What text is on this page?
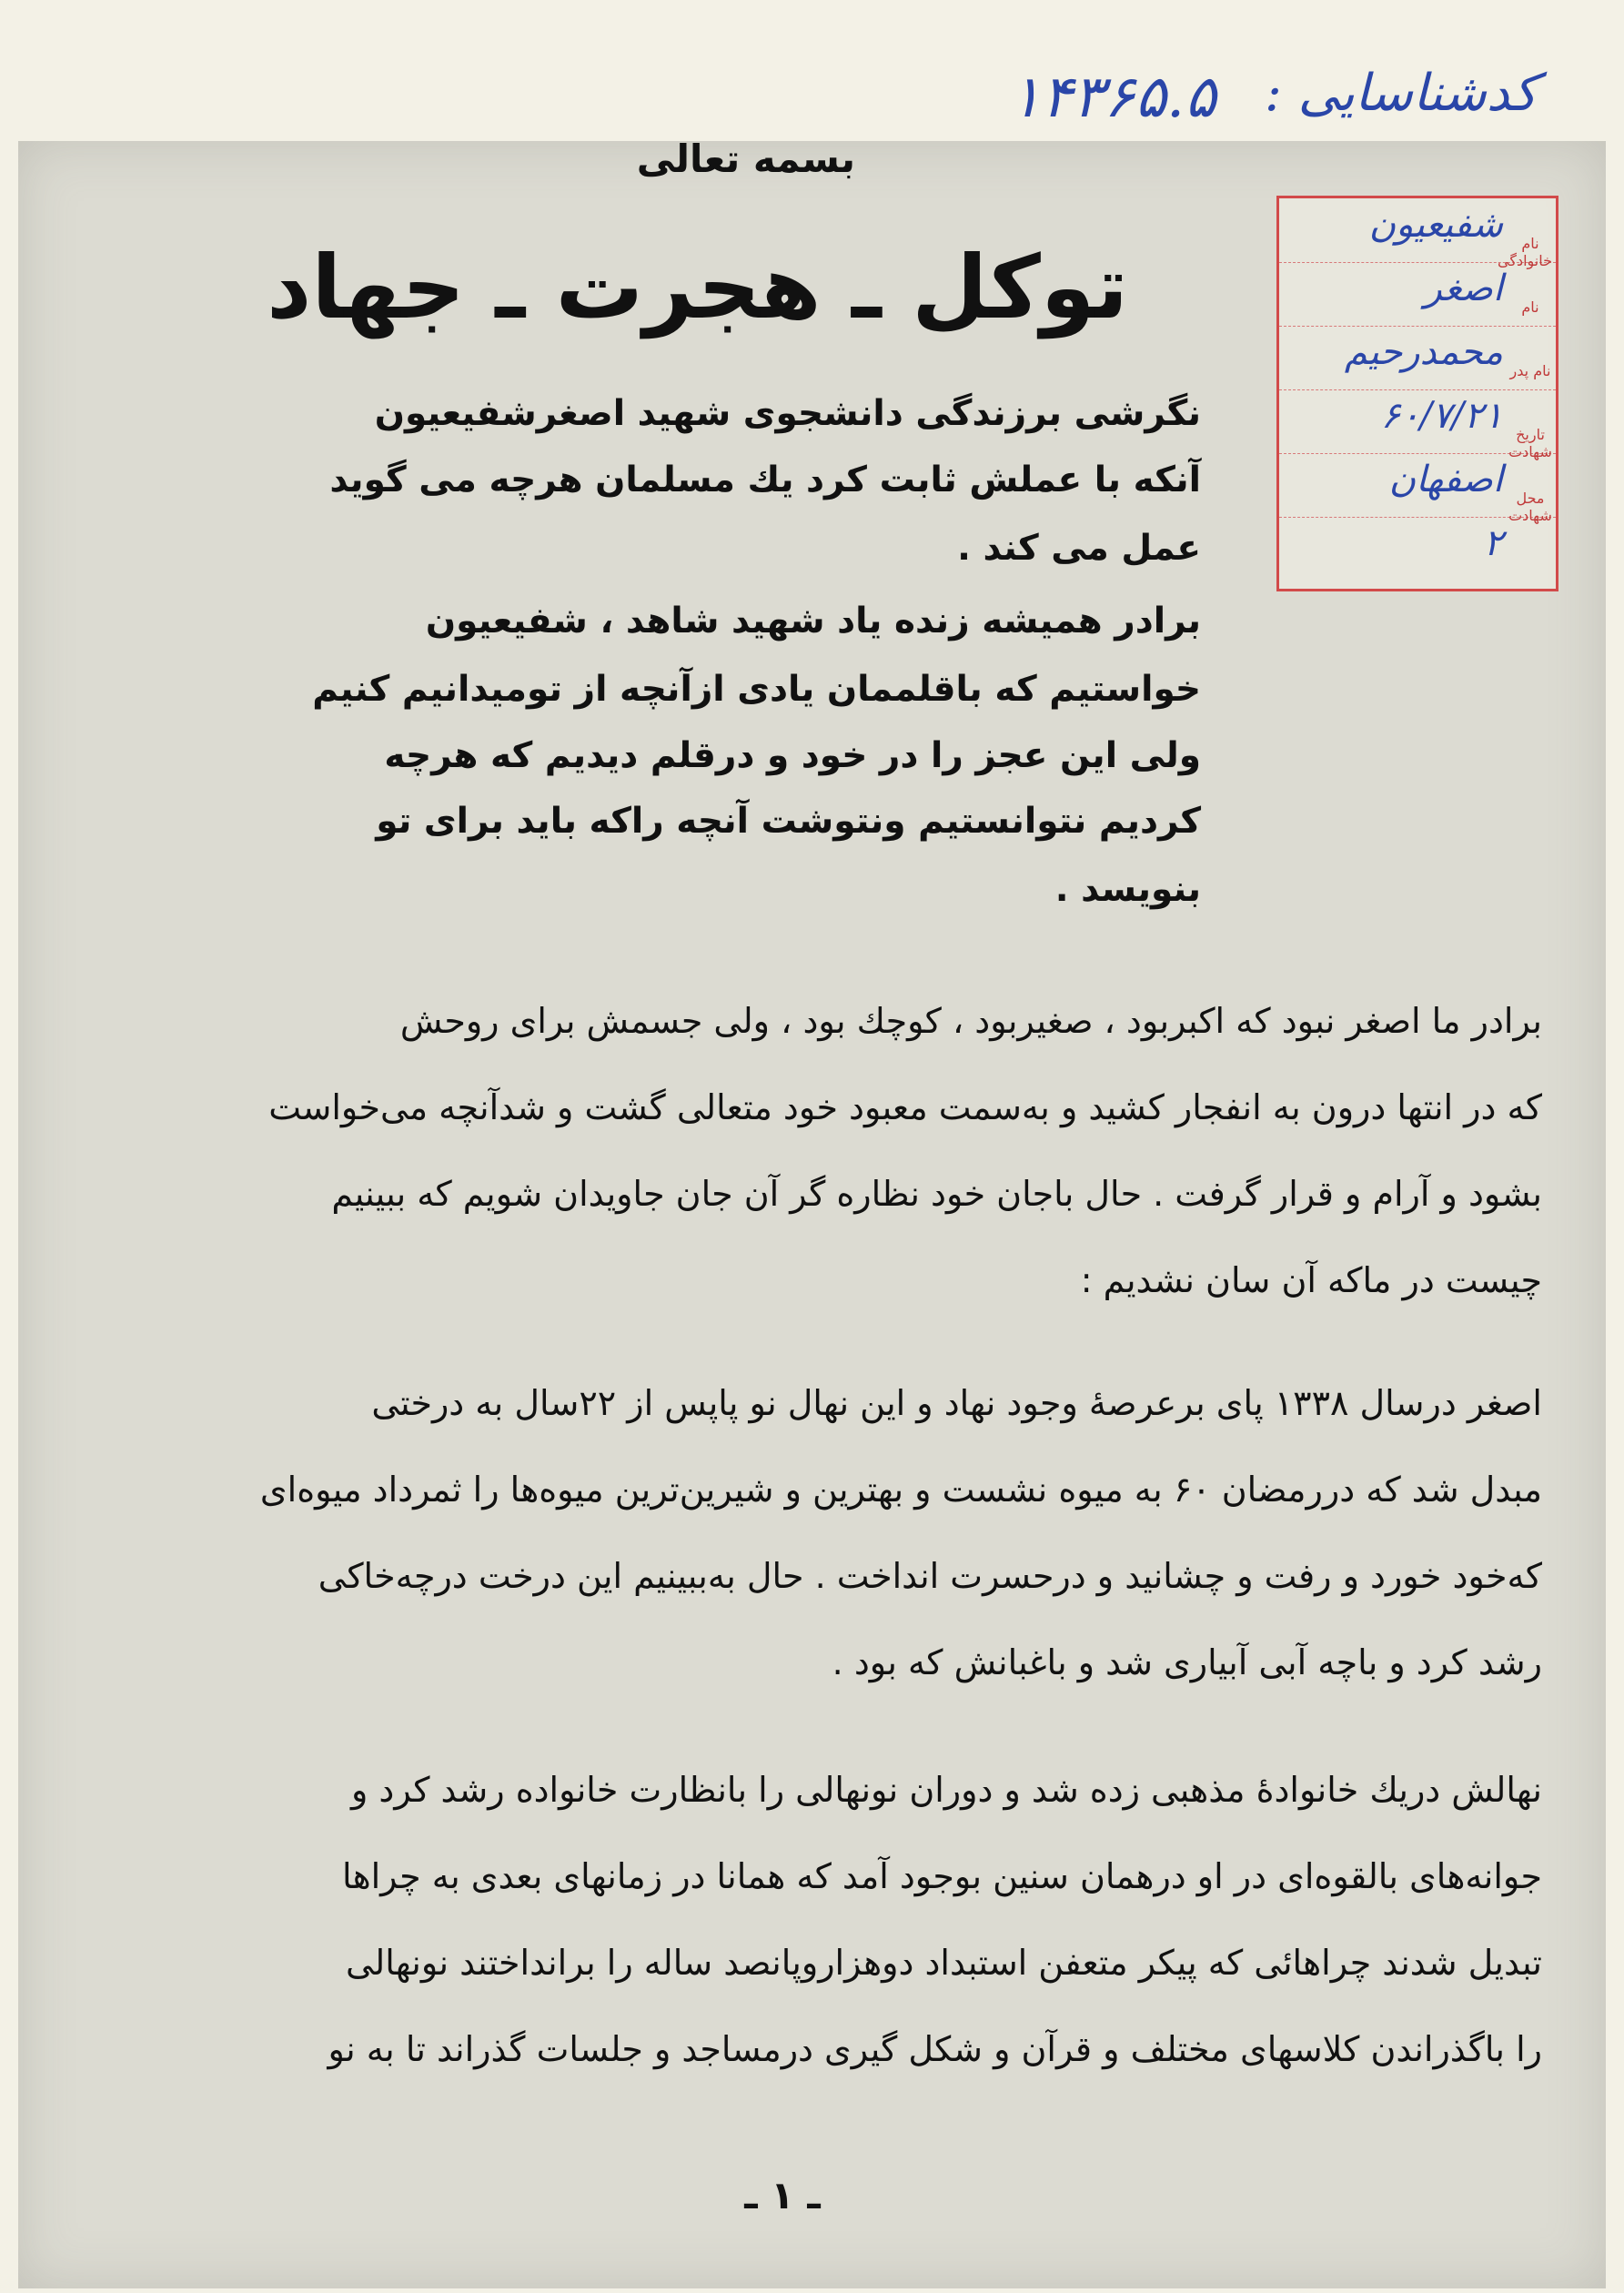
۱۴۳۶۵.۵ کدشناسایی :
نام خانوادگی
شفیعیون
نام
اصغر
نام پدر
محمدرحیم
تاریخ شهادت
۶۰/۷/۲۱
محل شهادت
اصفهان
۲
بسمه تعالی
توکل ـ هجرت ـ جهاد
نگرشی برزندگی دانشجوی شهید اصغرشفیعیون
آنکه با عملش ثابت کرد یك مسلمان هرچه می گوید
عمل می کند .
برادر همیشه زنده یاد شهید شاهد ، شفیعیون
خواستیم که باقلممان یادی ازآنچه از تومیدانیم کنیم
ولی این عجز را در خود و درقلم دیدیم که هرچه
کردیم نتوانستیم ونتوشت آنچه راکه باید برای تو
بنویسد .
برادر ما اصغر نبود که اکبربود ، صغیربود ، کوچك بود ، ولی جسمش برای روحش
که در انتها درون به انفجار کشید و به‌سمت معبود خود متعالی گشت و شدآنچه می‌خواست
بشود و آرام و قرار گرفت . حال باجان خود نظاره گر آن جان جاویدان شویم که ببینیم
چیست در ماکه آن سان نشدیم :
اصغر درسال ۱۳۳۸ پای برعرصهٔ وجود نهاد و این نهال نو پاپس از ۲۲سال به درختی
مبدل شد که دررمضان ۶۰ به میوه نشست و بهترین و شیرین‌ترین میوه‌ها را ثمرداد میوه‌ای
که‌خود خورد و رفت و چشانید و درحسرت انداخت . حال به‌ببینیم این درخت درچه‌خاکی
رشد کرد و باچه آبی آبیاری شد و باغبانش که بود .
نهالش دریك خانوادهٔ مذهبی زده شد و دوران نونهالی را بانظارت خانواده رشد کرد و
جوانه‌های بالقوه‌ای در او درهمان سنین بوجود آمد که همانا در زمانهای بعدی به چراها
تبدیل شدند چراهائی که پیکر متعفن استبداد دوهزاروپانصد ساله را برانداختند نونهالی
را باگذراندن کلاسهای مختلف و قرآن و شکل گیری درمساجد و جلسات گذراند تا به نو
ـ ۱ ـ
